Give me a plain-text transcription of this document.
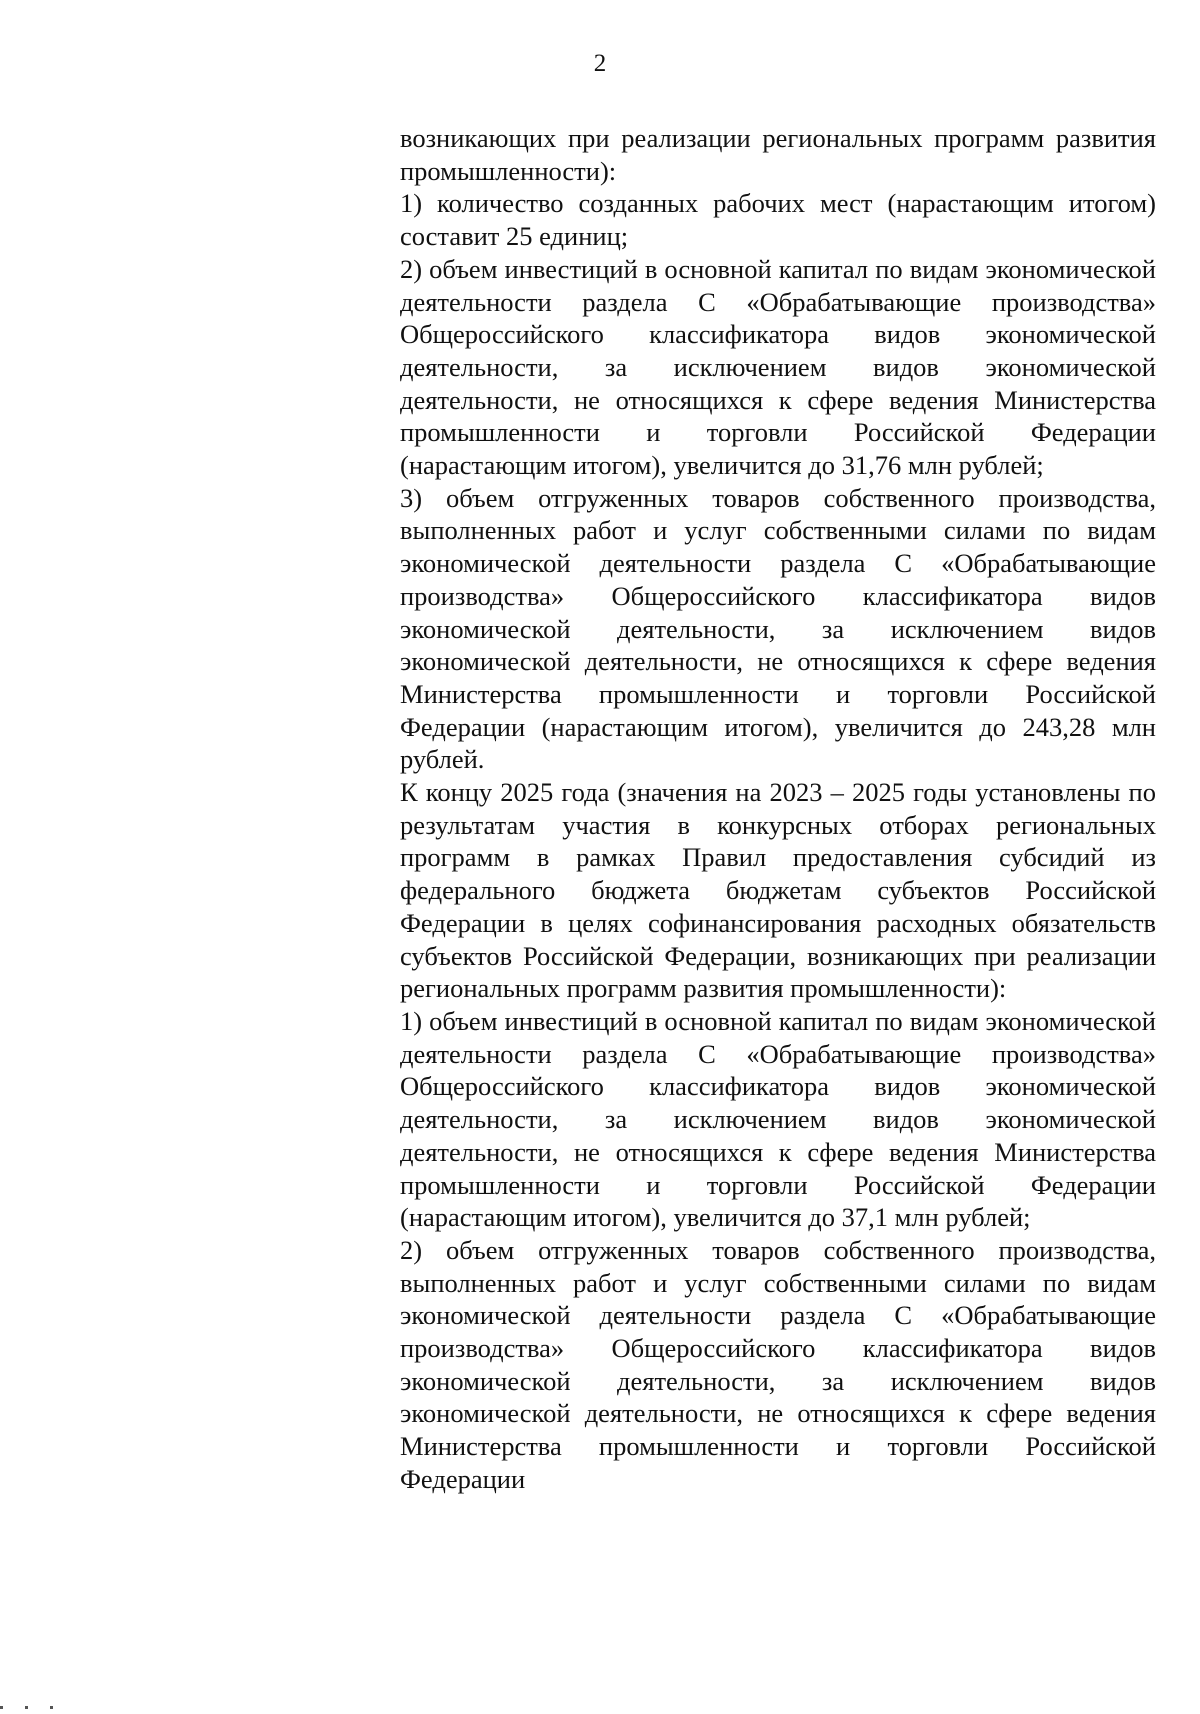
2

возникающих при реализации региональных программ развития промышленности):

1) количество созданных рабочих мест (нарастающим итогом) составит 25 единиц;

2) объем инвестиций в основной капитал по видам экономической деятельности раздела С «Обрабатывающие производства» Общероссийского классификатора видов экономической деятельности, за исключением видов экономической деятельности, не относящихся к сфере ведения Министерства промышленности и торговли Российской Федерации (нарастающим итогом), увеличится до 31,76 млн рублей;

3) объем отгруженных товаров собственного производства, выполненных работ и услуг собственными силами по видам экономической деятельности раздела С «Обрабатывающие производства» Общероссийского классификатора видов экономической деятельности, за исключением видов экономической деятельности, не относящихся к сфере ведения Министерства промышленности и торговли Российской Федерации (нарастающим итогом), увеличится до 243,28 млн рублей.

К концу 2025 года (значения на 2023 – 2025 годы установлены по результатам участия в конкурсных отборах региональных программ в рамках Правил предоставления субсидий из федерального бюджета бюджетам субъектов Российской Федерации в целях софинансирования расходных обязательств субъектов Российской Федерации, возникающих при реализации региональных программ развития промышленности):

1) объем инвестиций в основной капитал по видам экономической деятельности раздела С «Обрабатывающие производства» Общероссийского классификатора видов экономической деятельности, за исключением видов экономической деятельности, не относящихся к сфере ведения Министерства промышленности и торговли Российской Федерации (нарастающим итогом), увеличится до 37,1 млн рублей;

2) объем отгруженных товаров собственного производства, выполненных работ и услуг собственными силами по видам экономической деятельности раздела С «Обрабатывающие производства» Общероссийского классификатора видов экономической деятельности, за исключением видов экономической деятельности, не относящихся к сфере ведения Министерства промышленности и торговли Российской Федерации
